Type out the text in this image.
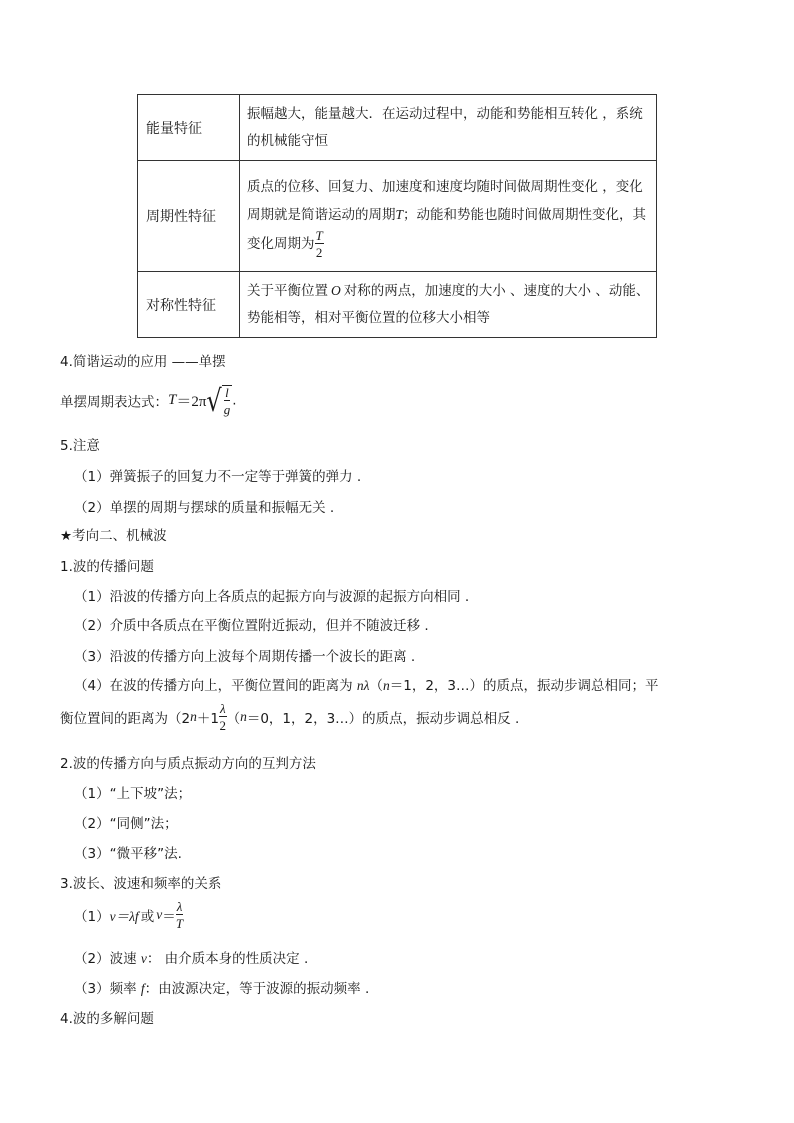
能量特征	振幅越大，能量越大．在运动过程中，动能和势能相互转化 ，系统的机械能守恒
周期性特征	质点的位移、回复力、加速度和速度均随时间做周期性变化 ，变化周期就是简谐运动的周期T；动能和势能也随时间做周期性变化，其变化周期为 $\frac{T}{2}$

对称性特征	关于平衡位置 O 对称的两点，加速度的大小 、速度的大小 、动能、势能相等，相对平衡位置的位移大小相等
4.简谐运动的应用 ——单摆
单摆周期表达式：$T=2\pi√ \frac{l}{g}$ .
5.注意
（1）弹簧振子的回复力不一定等于弹簧的弹力 .
（2）单摆的周期与摆球的质量和振幅无关 .
★考向二、机械波
1.波的传播问题
（1）沿波的传播方向上各质点的起振方向与波源的起振方向相同 .
（2）介质中各质点在平衡位置附近振动，但并不随波迁移 .
（3）沿波的传播方向上波每个周期传播一个波长的距离 .
（4）在波的传播方向上，平衡位置间的距离为 nλ（n＝1，2，3…）的质点，振动步调总相同；平
衡位置间的距离为（$2n+1 \frac{\lambda}{2} (n=0$，1，2，3…）的质点，振动步调总相反 .
2.波的传播方向与质点振动方向的互判方法
（1）“上下坡”法；
（2）“同侧”法；
（3）“微平移”法.
3.波长、波速和频率的关系
（1）v＝λf 或 $v= \frac{\lambda}{T}$
（2）波速 v： 由介质本身的性质决定 .
（3）频率 f：由波源决定，等于波源的振动频率 .
4.波的多解问题
